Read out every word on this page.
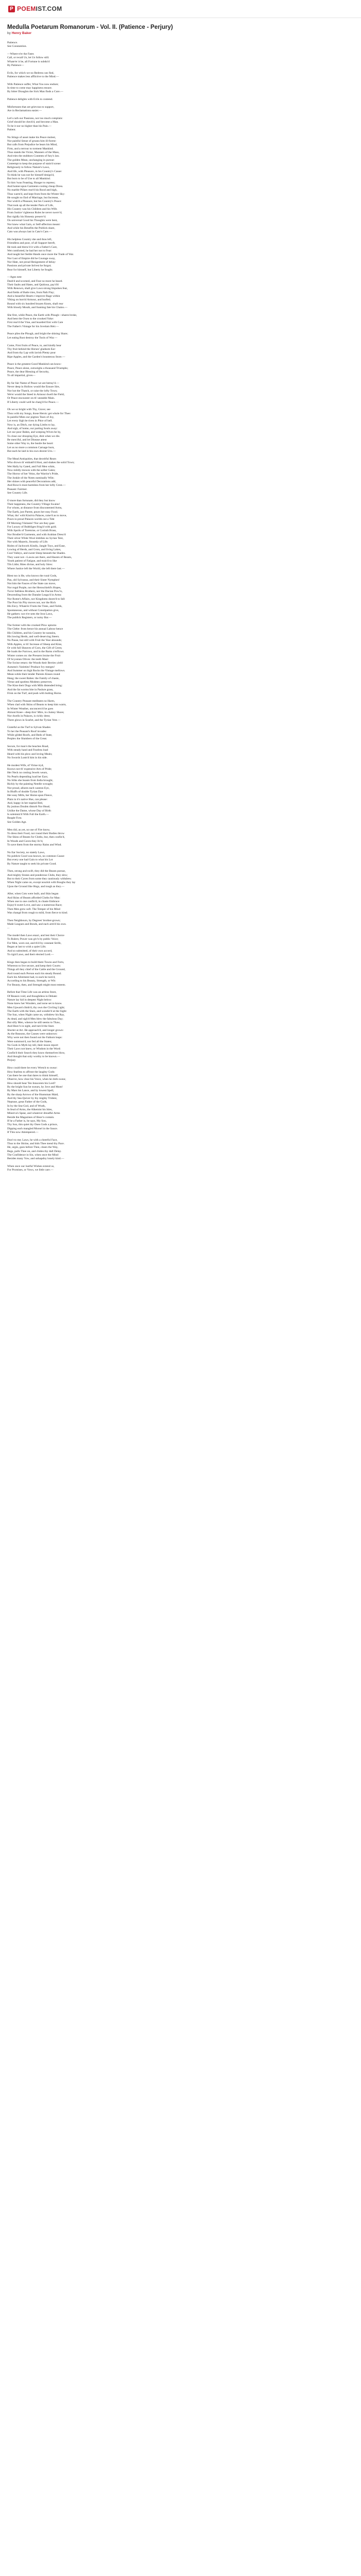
P POEMIST.COM
Medulla Poetarum Romanorum - Vol. II. (Patience - Perjury)
by Henry Baker
Patience.
See Constantion.
—Where-e'er the Fates
Call, or recall Us, let Us follow still.
Whate'er it be, all Fortune is subdu'd
By Patience—
Evils, for which we no Redress can find,
Patience makes less afflictive to the Mind.—
With Patience suffer, What You now endure;
In time to come may happiness ensure.
By bitter Draughts the Sick Man finds a Cure.—
Patience delights with Evils to contend.
Misfortunes that are grievous to support,
Are in Reclamations easier.—
Let's curb our Passions, nor too much complain:
Grief should be check'd, and become a Man.
To be it nor no higher than his Pain.—
Patient.
No Stings of asset make his Peace molest,
Nor painful Sense of groans him ill-forest:
But calls from Prejudice he bears his Mind,
Firm, and a terrour to torment Mankind.
Thus stands the Victor, Manners of the Mass,
And tries the stubborn Contents of fury's law.
The golden Mean, unchanging in pursue:
Contempt to keep the purpose of stain'd scene:
Religiously to follow Nature's Laws,
And life, with Pleasure, in his Country's Cause:
To think he was not for himself design'd,
But born to be of Use to all Mankind.
To him 'twas Feasting, Hunger to repress;
And homer-spun Garments costing cheap Dress.
No marble Pillars rear'd his Rood and high,
Thus warm'd, and kept from from the Winter Sky:
He sought no End of Marriage, but Increase,
Nor wish'd a Pleasure, but his Country's Peace:
That took up all the tender Parts of Life,
His Country was his Children and his Wife.
From Justice' righteous Rules he never swerv'd,
But rigidly his Honesty preserv'd.
On universal Good his Thoughts were bent,
Nor knew what Gain, or Self-affection meant:
And while his Benefits the Publick share,
Cato was always last in Cato's Care.—
His helpless Country she and thou left,
Friendless and poor, of all Support bereft,
He took and threw'd it with a Father's Care,
Wet comforted, he bad her not to Fear:
And taught her feeble Hands once more the Trade of War.
Nor Lust of Empire did he Courage sway,
Nor Hate, not proud Resignment of delay:
Passions and private Int'rest he forgot;
Rear for himself, but Liberty he fought.
—Agns nest
Dash'd and scorned, and Fear no more he heard.
Their faults and Hates, and Quitious, pay'd'd
With Renown, shall give Laws strong Impulses fear,
And fields of Batle tries, from Path Flay;
And a beautiful Hearts t improve Rage within
Viking on horrid Armour, and burfed;
Bound with six hundred brazen Knots, shall rear
With bloody Mouth, and foaming fate his Chains.—
She first, while Peace, the Earth with Plough—shares broke,
And bent the Oxen to the crooked Yoke:
First rear'd the Vine, and hoarded first with Care
The Father's Vintage for his Jovelam Heir.—
Peace plies the Plough, and bright the shining Share;
Let eating Rust destroy the Tools of War.—
Come, First fruits of Peace, to, and kindly bear
Thy fruit behind the Horses' gladsom Ear:
And from thy Lap with lavish Plenty pour
Ripe Apples, and the Garden's bounteous Store.—
Peace is the greatest Good Mankind can know:
Peace, Peace alone, outweighs a thousand Triumphs;
Peace, the dear Blessing of Security,
To all impartial, gives—
By far fair Name of Peace we are betray'd.—
Never deep in Hollow would the Ensure Sire,
Nor hot the Thatch, or raise the lofty Town;
We'er would the Steed in Armour dwell the Field,
Or Peace encounter on th' unstable Main.
If Liberty could well be charg'd for Peace.—
Oh we so bright with Thy, Grave; see
Thou with my Songs, those Heroic get whole for Thee:
In painful Mien our pigtion Tears of Joy,
Let every Sigh be tiven in Pitce of hell.
Now is, an Ditch, our dying Limbs to lay,
And sigh, of home, our parting Souls away:
Let our poor Babes, and weeping Wives be by,
To close our drooping Eye, dish when we die.
Be merciful, and let Disease attest
Some other Way to, the bustle the heart:
Let us no more a common Carnage burn,
But each be laid in his own decent Urn.—
The Mead Antiquities, that deceitful Rears
Who drown th' embattl'd Host, and shakes the solid Town;
Wet Hally by Gated, and Full Men whim,
Now mildly mowes with the softer Gales;
The Horror of her Veins, the Warrior's Pride,
The Jonkle of the Notes nominally Wile;
Her shines with peaceful Decorations add,
And Rows's most harmless from her lofty Crest.—
Peasant: Fairmer.
See Country Life.
O more than fortunate, did they but know
Their happiness, the Country-Village Swains!
For whom, at distance from discontented Arms,
The Earth, just Parent, pours her easy Food.
What, tho' with Kind-in Palaces, raise'd as to move,
Pours in proud Palaces worlds out a Tide
Of Morning-Visitants? Nor are they gaze
For Luxury of Bubbliges fring'd with gold.
With Spoils of Toretoise, or Corinth Brass,
Nor Brodier'd Garments, and with Arabian Dress'd
Their silver White Wool imbibes no Syrian Tent,
Nor with Mazeris, Stoumly of Life.
Rishts of Jachwork Kindly, Jangle Toys, and Ease,
Lowing of Herds, and Grots, and living Lakes,
Cool Valleys, and sweet Sleep beneath the Shades.
They want not—Lawns are there, and Haunts of Beasts,
Youth patient of Fatigue, and train'd to like
Tils Little; Rites divine, and holy Sires:
Where Justice left the World, she left there last.—
Blest too is He, who knows the rural Gods,
Pan, old Sylvanus, and their Sister Nymphes!
Not him the Fasces of the State can move,
Nor regal Purple, nor the Heroschield's Hopes,
Twixt faithless Brothers, nor the Dacian Pow'rs,
Descending from the Danube Leagu'd in Arms:
Nor Rome's Affairs, nor Kingdoms doom'd to fall:
The Poor his Pity moves not, nor the Rich
His Envy. Whate'er Fruits the Trees, and Fields,
Spontaneous, and without Constipation give,
He gathers: nor e'er sees the Iron Laws,
The publick Registers, or noisy Bar.—
The former with the crooked Plow upturns
The Glebe: from hence his annual Labour hence
His Children, and his Country he sustains,
His lowing Herds, and well-deserving Steers.
No Pause, but still with Fruit the Year abounds;
With Apples, or th' Increase of Sheep and Kine,
Or with full Sheaves of Corn, the Gift of Ceres;
He loads the Furrows, and in the Barns o'erflows.
Winter comes on: the Pressers bruise the Fruit
Of Scyonian Olives: the teeth Mast:
The Swine return: the Woods their Berries yield:
Autumn's Varieties! Produce Ivy merges!
And Summer on high Rocks the Vintage mellows.
Mean-while their tender Parents Kisses round
Hang; the sweet Babes: the Family of chaste,
Virtue and spotless Modesty preserves.
The Kine their Dugs with Milk distended bring:
And the fat worms bite in Paslure grass,
Frisk on the Turf, and push with butting Horns.
The Country Peasant meditates no Harm,
When clad with Skins of Beasts to keep him warm,
In Winter Weather, unconcern'd he goes
Almost Knee—deep thro' Mire, in clumsy Shoes;
Nor dwells in Palaces, is richly drest;
There glows in Scarlet, and the Tyrian Vest.—
Grateful as the Turf to Sylvan Shades
To her the Peasant's Roof invades:
While gilded Roofs, and Beds of State,
Perplex the Slumbers of the Great.
Secure, for man's the beaches Road,
With steady hand and Fearless load
Heard with his plow and loving Meals;
No Swords Lusts'd him in his side.
He modest Wife, of Virtue tryd,
Knows not th' expensive Arts of Pride;
Her Neck no costing Jewels wears,
No Pearls depending load her Ears;
No Silks she boasts from India brought,
Richly by the painting Needle wrought;
Nor proud, allures each wanton Eye,
In Bluffs of double Tyrian Dye
Her easy Mills, her Home-spun Fleece,
Plain in it's native Hue, can please:
And, happy in her nuptial Bed,
By jealous Doubts disturb Nor Head;
Unlike the Dame, whose Day of Birth
Is solemniz'd With Full the Earth.—
Reaple First.
See Golden Age.
Men did, as yet, no use of Fire know,
To dress their Food, nor round their Bodies throw
The Skins of Beasts for Cloths, but, then confin'd,
In Woods and Caves they liv'd,
To save them from the stormy Rains and Wind.
No Ear Society, no stately Laws,
No publick Good was known, no common Cause:
But every one had Gain to what his Lot
By Nature taught to seek his private Good.
Then, strong and swift, they did the Beasts pursue,
And mighty Stones and ponderous Clubs, they slew;
But to their Caves from some they cautiously withdrew.
When Night came on, except nourish with Boughs they lay
Upon the Ground like Hogs, and tough as they.—
After, when Cots were built, and Skin began
And Skins of Beasts afforded Cloths for Man:
When one to one confin'd, in chaste Embrace
Enjoy'd sweet Love, and saw a numerous Race;
Then Men grew soft. The Temper of his Mind
Was changd from rough to mild, from fierce to kind.
Then Neighbours, by Degrees' brother-grown;
Made Leagues and Bonds, and each arm'd his own.
...
The model then Laws enact, and lest their Choice
To Rulers; Power was giv'n by public Voice;
For Men, worn out, and th'd by constant Strife,
Began at last to wish a quiet Life;
And so submitted, of their own accord,
To rigid Laws, and their elected Lord.—
Kings then began to build them Towns and Forts,
Whereon to live secure, and keep their Courts:
Things all they chief of the Cattle and the Ground,
And round each Person each his steady Bound.
Each his Allotment had, to each he turn'd,
According to his Beauty, Strength, or Wit:
For Beauty, then, and Strength might most esteem.
Before that Time Life was an artless Store,
Of Reason void, and thoughtless in Debate:
Nature lay hid in deepest Night below:
None knew her Wonders, and none set to know.
Men Upward climb'd, thy own the Circling Light;
The Earth with the Stars, and wonder'd at the Sight:
The Sun, when Night came on, withdrew his Ray,
As dead, and sigh'd Men blew the fabulous Day;
But silly Men, whence he still seems to Thaw,
And Heav'n in sight, and turn'd the Stars
Shorter at Art. He approach'd, and longer grown:
As the Reasons, the Causes were unknown:
Why were not then found out the Fathom leaps:
Were summon'd, nor fed all the States;
No Gods in Myth lay tell, their moon report:
Their Laws not knew, or Wisdom in the Word:
Confin'd their Search they know themselves blow,
And thought that only worthy to be known.—
Perjury
How could there be every Wretch to swear:
How fearless to affront the laughty Gods:
Can there be one that dares to think himself,
Observe, how clear his Voice, when he doth swear,
How should hear Ten Innocents his Lord?
By the bright Sun he swears, by Jove and Mom!
By Mars his Lance, and by lowest Spell,
By the sharp Arrows of the Huntsman Maid,
And thy Sea-Quiver by thy mighty Trident,
Neptune, great Father of the Gods,
In by the Sea-God, and of Wrath,
In feud of Arms, the Alkemist his Isles,
Minerva's Spear, and whatever dreadful Arms
Beside the Magazines of Heav'n contain.
If he a Father is, he says, My Son,
Thy Son, this quiet thy Ones Gods a prince,
Dipping each mangled Morsel in the Sauce.
If This now Attempered.—
Don't to me; Laws, he with a cheerful Face,
Thus to the Shrine, and bids Thee mend thy Pace.
He, urgin, goes before Thee, clears the Way,
Begs, pulls Thee on, and chides thy dull Delay.
The Confidence in Sin, when once the Mind
Besides many Vow, and unhapdny lonely kind.—
When once our lustful Wishes extend us,
For Promises, or Vows, we little care.—
